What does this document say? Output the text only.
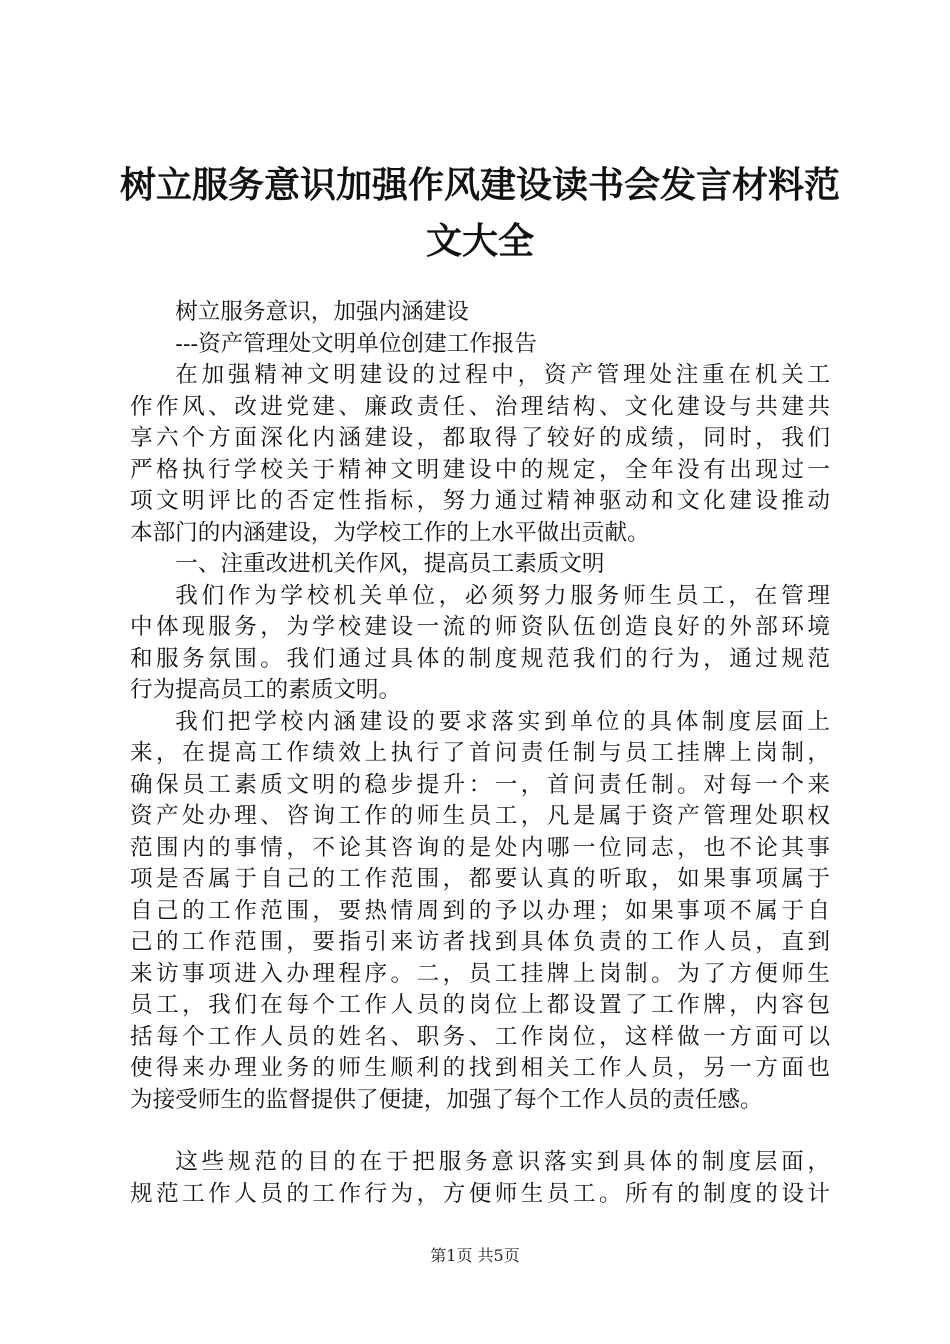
树立服务意识加强作风建设读书会发言材料范
文大全

树立服务意识，加强内涵建设

---资产管理处文明单位创建工作报告

在加强精神文明建设的过程中，资产管理处注重在机关工
作作风、改进党建、廉政责任、治理结构、文化建设与共建共
享六个方面深化内涵建设，都取得了较好的成绩，同时，我们
严格执行学校关于精神文明建设中的规定，全年没有出现过一
项文明评比的否定性指标，努力通过精神驱动和文化建设推动
本部门的内涵建设，为学校工作的上水平做出贡献。

一、注重改进机关作风，提高员工素质文明

我们作为学校机关单位，必须努力服务师生员工，在管理
中体现服务，为学校建设一流的师资队伍创造良好的外部环境
和服务氛围。我们通过具体的制度规范我们的行为，通过规范
行为提高员工的素质文明。

我们把学校内涵建设的要求落实到单位的具体制度层面上
来，在提高工作绩效上执行了首问责任制与员工挂牌上岗制，
确保员工素质文明的稳步提升：一，首问责任制。对每一个来
资产处办理、咨询工作的师生员工，凡是属于资产管理处职权
范围内的事情，不论其咨询的是处内哪一位同志，也不论其事
项是否属于自己的工作范围，都要认真的听取，如果事项属于
自己的工作范围，要热情周到的予以办理；如果事项不属于自
己的工作范围，要指引来访者找到具体负责的工作人员，直到
来访事项进入办理程序。二，员工挂牌上岗制。为了方便师生
员工，我们在每个工作人员的岗位上都设置了工作牌，内容包
括每个工作人员的姓名、职务、工作岗位，这样做一方面可以
使得来办理业务的师生顺利的找到相关工作人员，另一方面也
为接受师生的监督提供了便捷，加强了每个工作人员的责任感。

这些规范的目的在于把服务意识落实到具体的制度层面，
规范工作人员的工作行为，方便师生员工。所有的制度的设计

第1页 共5页
